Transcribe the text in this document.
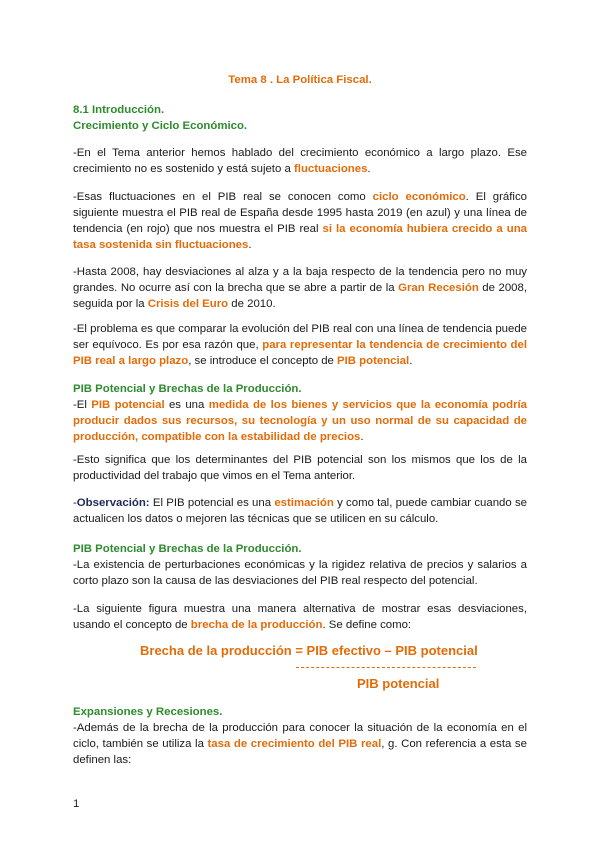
Tema 8 . La Política Fiscal.

8.1 Introducción.

Crecimiento y Ciclo Económico.

-En el Tema anterior hemos hablado del crecimiento económico a largo plazo. Ese crecimiento no es sostenido y está sujeto a fluctuaciones.

-Esas fluctuaciones en el PIB real se conocen como ciclo económico. El gráfico siguiente muestra el PIB real de España desde 1995 hasta 2019 (en azul) y una línea de tendencia (en rojo) que nos muestra el PIB real si la economía hubiera crecido a una tasa sostenida sin fluctuaciones.

-Hasta 2008, hay desviaciones al alza y a la baja respecto de la tendencia pero no muy grandes. No ocurre así con la brecha que se abre a partir de la Gran Recesión de 2008, seguida por la Crisis del Euro de 2010.

-El problema es que comparar la evolución del PIB real con una línea de tendencia puede ser equívoco. Es por esa razón que, para representar la tendencia de crecimiento del PIB real a largo plazo, se introduce el concepto de PIB potencial.

PIB Potencial y Brechas de la Producción.

-El PIB potencial es una medida de los bienes y servicios que la economía podría producir dados sus recursos, su tecnología y un uso normal de su capacidad de producción, compatible con la estabilidad de precios.

-Esto significa que los determinantes del PIB potencial son los mismos que los de la productividad del trabajo que vimos en el Tema anterior.

-Observación: El PIB potencial es una estimación y como tal, puede cambiar cuando se actualicen los datos o mejoren las técnicas que se utilicen en su cálculo.

PIB Potencial y Brechas de la Producción.

-La existencia de perturbaciones económicas y la rigidez relativa de precios y salarios a corto plazo son la causa de las desviaciones del PIB real respecto del potencial.

-La siguiente figura muestra una manera alternativa de mostrar esas desviaciones, usando el concepto de brecha de la producción. Se define como:

Brecha de la producción = PIB efectivo – PIB potencial
PIB potencial

Expansiones y Recesiones.

-Además de la brecha de la producción para conocer la situación de la economía en el ciclo, también se utiliza la tasa de crecimiento del PIB real, g. Con referencia a esta se definen las:

1
